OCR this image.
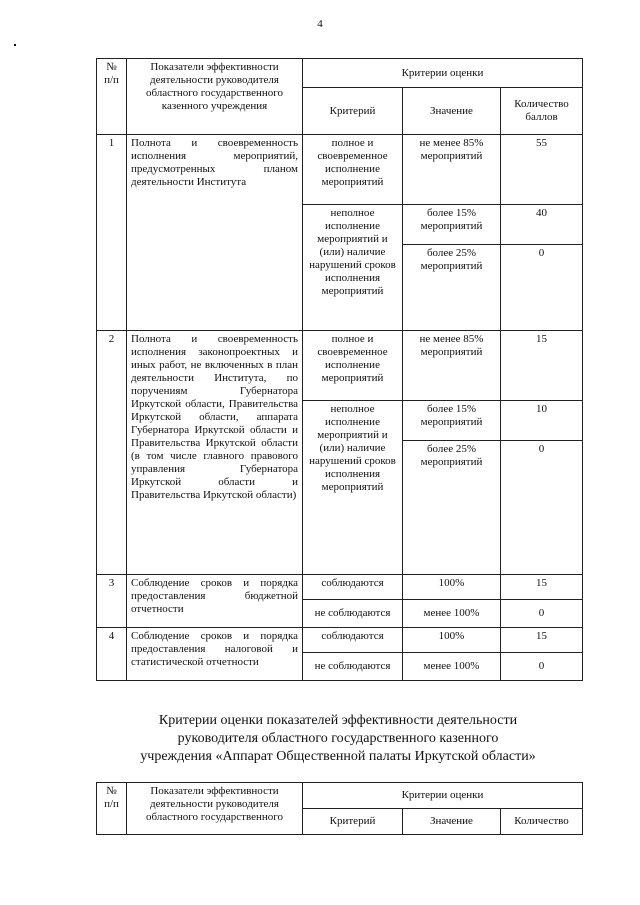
4
№
п/п	Показатели эффективности деятельности руководителя областного государственного казенного учреждения	Критерии оценки		
		Критерий	Значение	Количество баллов
1	Полнота и своевременность исполнения мероприятий, предусмотренных планом деятельности Института	полное и своевременное исполнение мероприятий	не менее 85% мероприятий	55
		неполное исполнение мероприятий и (или) наличие нарушений сроков исполнения мероприятий	более 15% мероприятий	40
			более 25% мероприятий	0
2	Полнота и своевременность исполнения законопроектных и иных работ, не включенных в план деятельности Института, по поручениям Губернатора Иркутской области, Правительства Иркутской области, аппарата Губернатора Иркутской области и Правительства Иркутской области (в том числе главного правового управления Губернатора Иркутской области и Правительства Иркутской области)	полное и своевременное исполнение мероприятий	не менее 85% мероприятий	15
		неполное исполнение мероприятий и (или) наличие нарушений сроков исполнения мероприятий	более 15% мероприятий	10
			более 25% мероприятий	0
3	Соблюдение сроков и порядка предоставления бюджетной отчетности	соблюдаются	100%	15
		не соблюдаются	менее 100%	0
4	Соблюдение сроков и порядка предоставления налоговой и статистической отчетности	соблюдаются	100%	15
		не соблюдаются	менее 100%	0
Критерии оценки показателей эффективности деятельности
руководителя областного государственного казенного
учреждения «Аппарат Общественной палаты Иркутской области»
№
п/п	Показатели эффективности деятельности руководителя областного государственного	Критерии оценки		
		Критерий	Значение	Количество
